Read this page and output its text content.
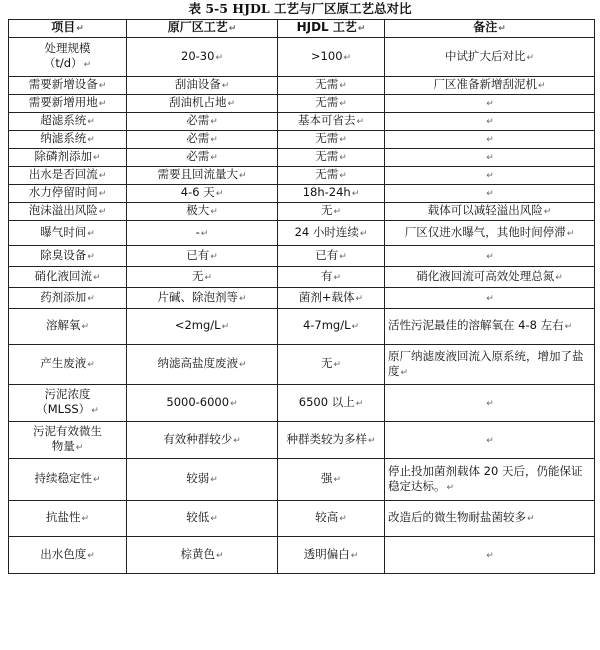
表 5-5 HJDL 工艺与厂区原工艺总对比
项目↵	原厂区工艺↵	HJDL 工艺↵	备注↵
处理规模
（t/d）↵	20-30↵	>100↵	中试扩大后对比↵
需要新增设备↵	刮油设备↵	无需↵	厂区准备新增刮泥机↵
需要新增用地↵	刮油机占地↵	无需↵	↵
超滤系统↵	必需↵	基本可省去↵	↵
纳滤系统↵	必需↵	无需↵	↵
除磷剂添加↵	必需↵	无需↵	↵
出水是否回流↵	需要且回流量大↵	无需↵	↵
水力停留时间↵	4-6 天↵	18h-24h↵	↵
泡沫溢出风险↵	极大↵	无↵	载体可以减轻溢出风险↵
曝气时间↵	-↵	24 小时连续↵	厂区仅进水曝气，其他时间停滞↵
除臭设备↵	已有↵	已有↵	↵
硝化液回流↵	无↵	有↵	硝化液回流可高效处理总氮↵
药剂添加↵	片碱、除泡剂等↵	菌剂+载体↵	↵
溶解氧↵	<2mg/L↵	4-7mg/L↵	活性污泥最佳的溶解氧在 4-8 左右↵
产生废液↵	纳滤高盐度废液↵	无↵	原厂纳滤废液回流入原系统，增加了盐度↵
污泥浓度
（MLSS）↵	5000-6000↵	6500 以上↵	↵
污泥有效微生
物量↵	有效种群较少↵	种群类较为多样↵	↵
持续稳定性↵	较弱↵	强↵	停止投加菌剂载体 20 天后，仍能保证稳定达标。↵
抗盐性↵	较低↵	较高↵	改造后的微生物耐盐菌较多↵
出水色度↵	棕黄色↵	透明偏白↵	↵
